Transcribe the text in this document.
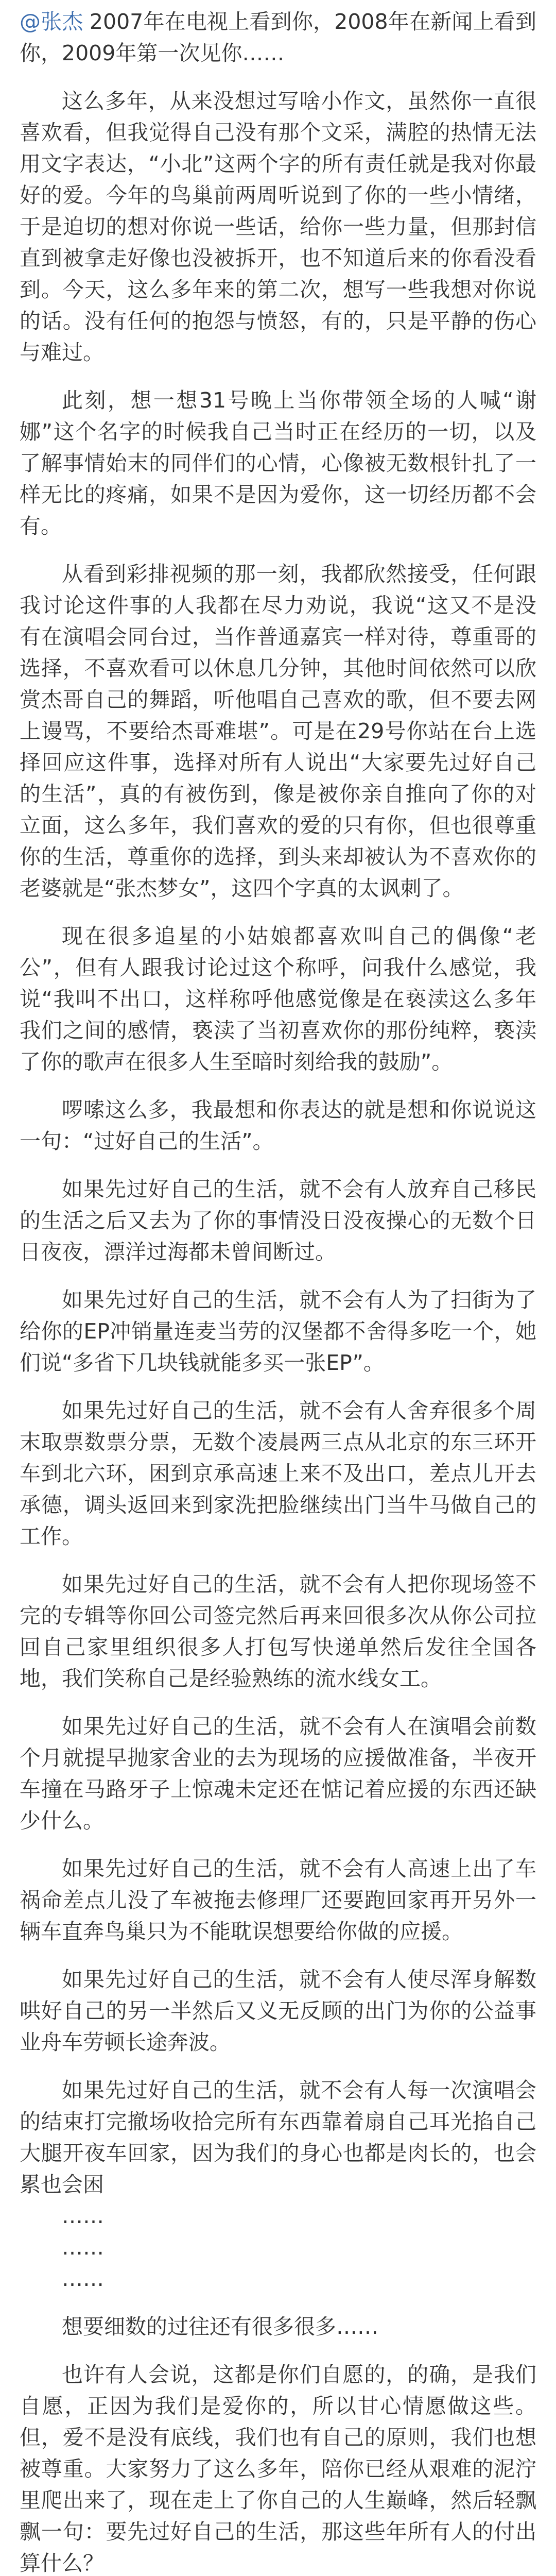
@张杰 2007年在电视上看到你，2008年在新闻上看到你，2009年第一次见你……

这么多年，从来没想过写啥小作文，虽然你一直很喜欢看，但我觉得自己没有那个文采，满腔的热情无法用文字表达，“小北”这两个字的所有责任就是我对你最好的爱。今年的鸟巢前两周听说到了你的一些小情绪，于是迫切的想对你说一些话，给你一些力量，但那封信直到被拿走好像也没被拆开，也不知道后来的你看没看到。今天，这么多年来的第二次，想写一些我想对你说的话。没有任何的抱怨与愤怒，有的，只是平静的伤心与难过。

此刻，想一想31号晚上当你带领全场的人喊“谢娜”这个名字的时候我自己当时正在经历的一切，以及了解事情始末的同伴们的心情，心像被无数根针扎了一样无比的疼痛，如果不是因为爱你，这一切经历都不会有。

从看到彩排视频的那一刻，我都欣然接受，任何跟我讨论这件事的人我都在尽力劝说，我说“这又不是没有在演唱会同台过，当作普通嘉宾一样对待，尊重哥的选择，不喜欢看可以休息几分钟，其他时间依然可以欣赏杰哥自己的舞蹈，听他唱自己喜欢的歌，但不要去网上谩骂，不要给杰哥难堪”。可是在29号你站在台上选择回应这件事，选择对所有人说出“大家要先过好自己的生活”，真的有被伤到，像是被你亲自推向了你的对立面，这么多年，我们喜欢的爱的只有你，但也很尊重你的生活，尊重你的选择，到头来却被认为不喜欢你的老婆就是“张杰梦女”，这四个字真的太讽刺了。

现在很多追星的小姑娘都喜欢叫自己的偶像“老公”，但有人跟我讨论过这个称呼，问我什么感觉，我说“我叫不出口，这样称呼他感觉像是在亵渎这么多年我们之间的感情，亵渎了当初喜欢你的那份纯粹，亵渎了你的歌声在很多人生至暗时刻给我的鼓励”。

啰嗦这么多，我最想和你表达的就是想和你说说这一句：“过好自己的生活”。

如果先过好自己的生活，就不会有人放弃自己移民的生活之后又去为了你的事情没日没夜操心的无数个日日夜夜，漂洋过海都未曾间断过。

如果先过好自己的生活，就不会有人为了扫街为了给你的EP冲销量连麦当劳的汉堡都不舍得多吃一个，她们说“多省下几块钱就能多买一张EP”。

如果先过好自己的生活，就不会有人舍弃很多个周末取票数票分票，无数个凌晨两三点从北京的东三环开车到北六环，困到京承高速上来不及出口，差点儿开去承德，调头返回来到家洗把脸继续出门当牛马做自己的工作。

如果先过好自己的生活，就不会有人把你现场签不完的专辑等你回公司签完然后再来回很多次从你公司拉回自己家里组织很多人打包写快递单然后发往全国各地，我们笑称自己是经验熟练的流水线女工。

如果先过好自己的生活，就不会有人在演唱会前数个月就提早抛家舍业的去为现场的应援做准备，半夜开车撞在马路牙子上惊魂未定还在惦记着应援的东西还缺少什么。

如果先过好自己的生活，就不会有人高速上出了车祸命差点儿没了车被拖去修理厂还要跑回家再开另外一辆车直奔鸟巢只为不能耽误想要给你做的应援。

如果先过好自己的生活，就不会有人使尽浑身解数哄好自己的另一半然后又义无反顾的出门为你的公益事业舟车劳顿长途奔波。

如果先过好自己的生活，就不会有人每一次演唱会的结束打完撤场收拾完所有东西靠着扇自己耳光掐自己大腿开夜车回家，因为我们的身心也都是肉长的，也会累也会困

……

……

……

想要细数的过往还有很多很多……

也许有人会说，这都是你们自愿的，的确，是我们自愿，正因为我们是爱你的，所以甘心情愿做这些。但，爱不是没有底线，我们也有自己的原则，我们也想被尊重。大家努力了这么多年，陪你已经从艰难的泥泞里爬出来了，现在走上了你自己的人生巅峰，然后轻飘飘一句：要先过好自己的生活，那这些年所有人的付出算什么？
